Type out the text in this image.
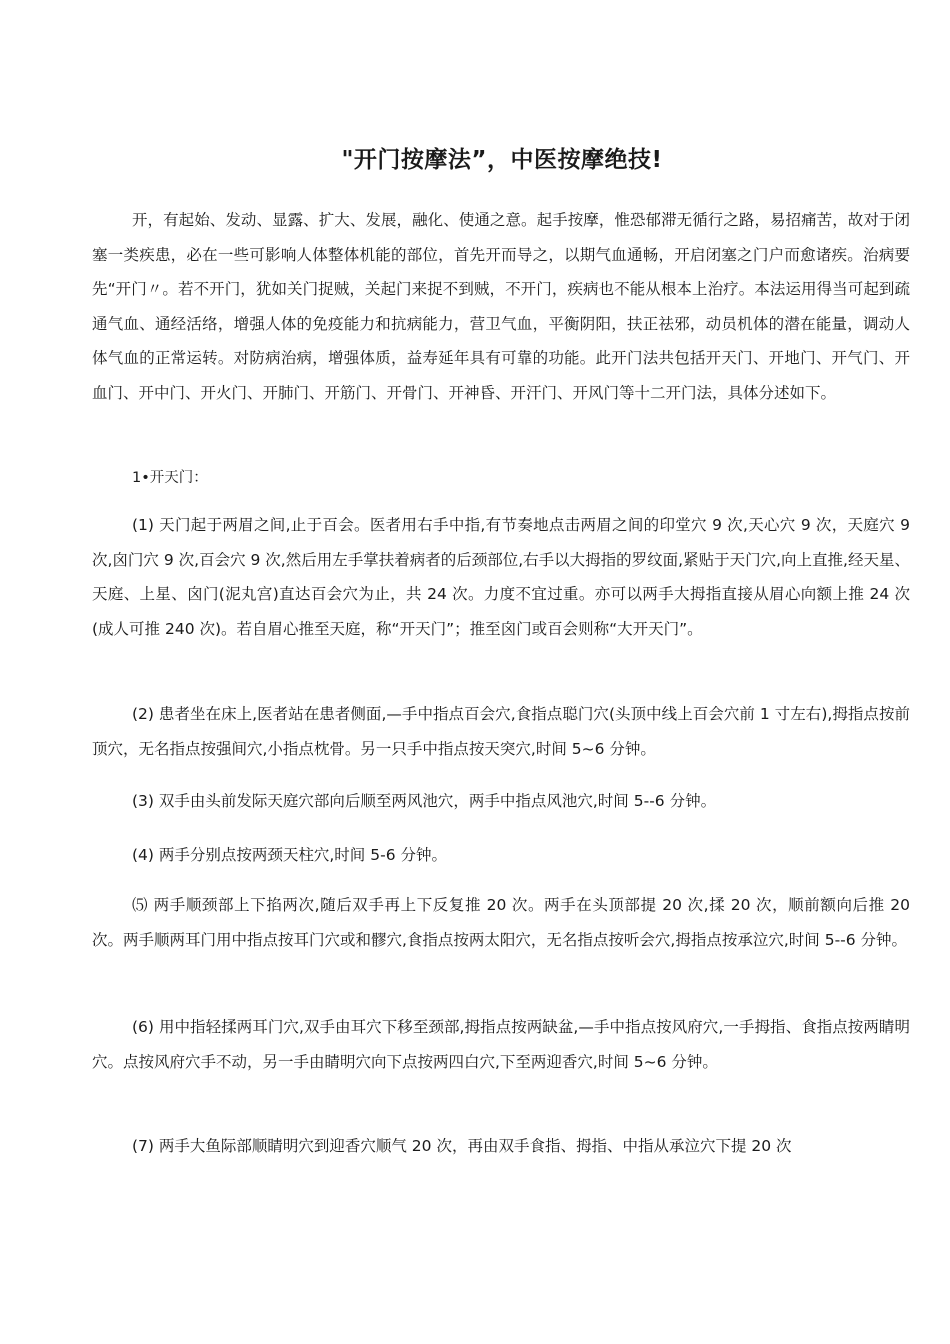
"开门按摩法”，中医按摩绝技!

开，有起始、发动、显露、扩大、发展，融化、使通之意。起手按摩，惟恐郁滞无循行之路，易招痛苦，故对于闭塞一类疾患，必在一些可影响人体整体机能的部位，首先开而导之，以期气血通畅，开启闭塞之门户而愈诸疾。治病要先“开门〃。若不开门，犹如关门捉贼，关起门来捉不到贼，不开门，疾病也不能从根本上治疗。本法运用得当可起到疏通气血、通经活络，增强人体的免疫能力和抗病能力，营卫气血，平衡阴阳，扶正祛邪，动员机体的潜在能量，调动人体气血的正常运转。对防病治病，增强体质，益寿延年具有可靠的功能。此开门法共包括开天门、开地门、开气门、开血门、开中门、开火门、开肺门、开筋门、开骨门、开神昏、开汗门、开风门等十二开门法，具体分述如下。

1•开天门：

(1) 天门起于两眉之间,止于百会。医者用右手中指,有节奏地点击两眉之间的印堂穴 9 次,天心穴 9 次，天庭穴 9 次,囟门穴 9 次,百会穴 9 次,然后用左手掌扶着病者的后颈部位,右手以大拇指的罗纹面,紧贴于天门穴,向上直推,经天星、天庭、上星、囟门(泥丸宫)直达百会穴为止，共 24 次。力度不宜过重。亦可以两手大拇指直接从眉心向额上推 24 次(成人可推 240 次)。若自眉心推至天庭，称“开天门”；推至囟门或百会则称“大开天门”。

(2) 患者坐在床上,医者站在患者侧面,—手中指点百会穴,食指点聪门穴(头顶中线上百会穴前 1 寸左右),拇指点按前顶穴，无名指点按强间穴,小指点枕骨。另一只手中指点按天突穴,时间 5~6 分钟。

(3) 双手由头前发际天庭穴部向后顺至两风池穴，两手中指点风池穴,时间 5--6 分钟。

(4) 两手分别点按两颈天柱穴,时间 5-6 分钟。

⑸ 两手顺颈部上下掐两次,随后双手再上下反复推 20 次。两手在头顶部提 20 次,揉 20 次，顺前额向后推 20 次。两手顺两耳门用中指点按耳门穴或和髎穴,食指点按两太阳穴，无名指点按听会穴,拇指点按承泣穴,时间 5--6 分钟。

(6) 用中指轻揉两耳门穴,双手由耳穴下移至颈部,拇指点按两缺盆,—手中指点按风府穴,一手拇指、食指点按两睛明穴。点按风府穴手不动，另一手由睛明穴向下点按两四白穴,下至两迎香穴,时间 5~6 分钟。

(7) 两手大鱼际部顺睛明穴到迎香穴顺气 20 次，再由双手食指、拇指、中指从承泣穴下提 20 次
